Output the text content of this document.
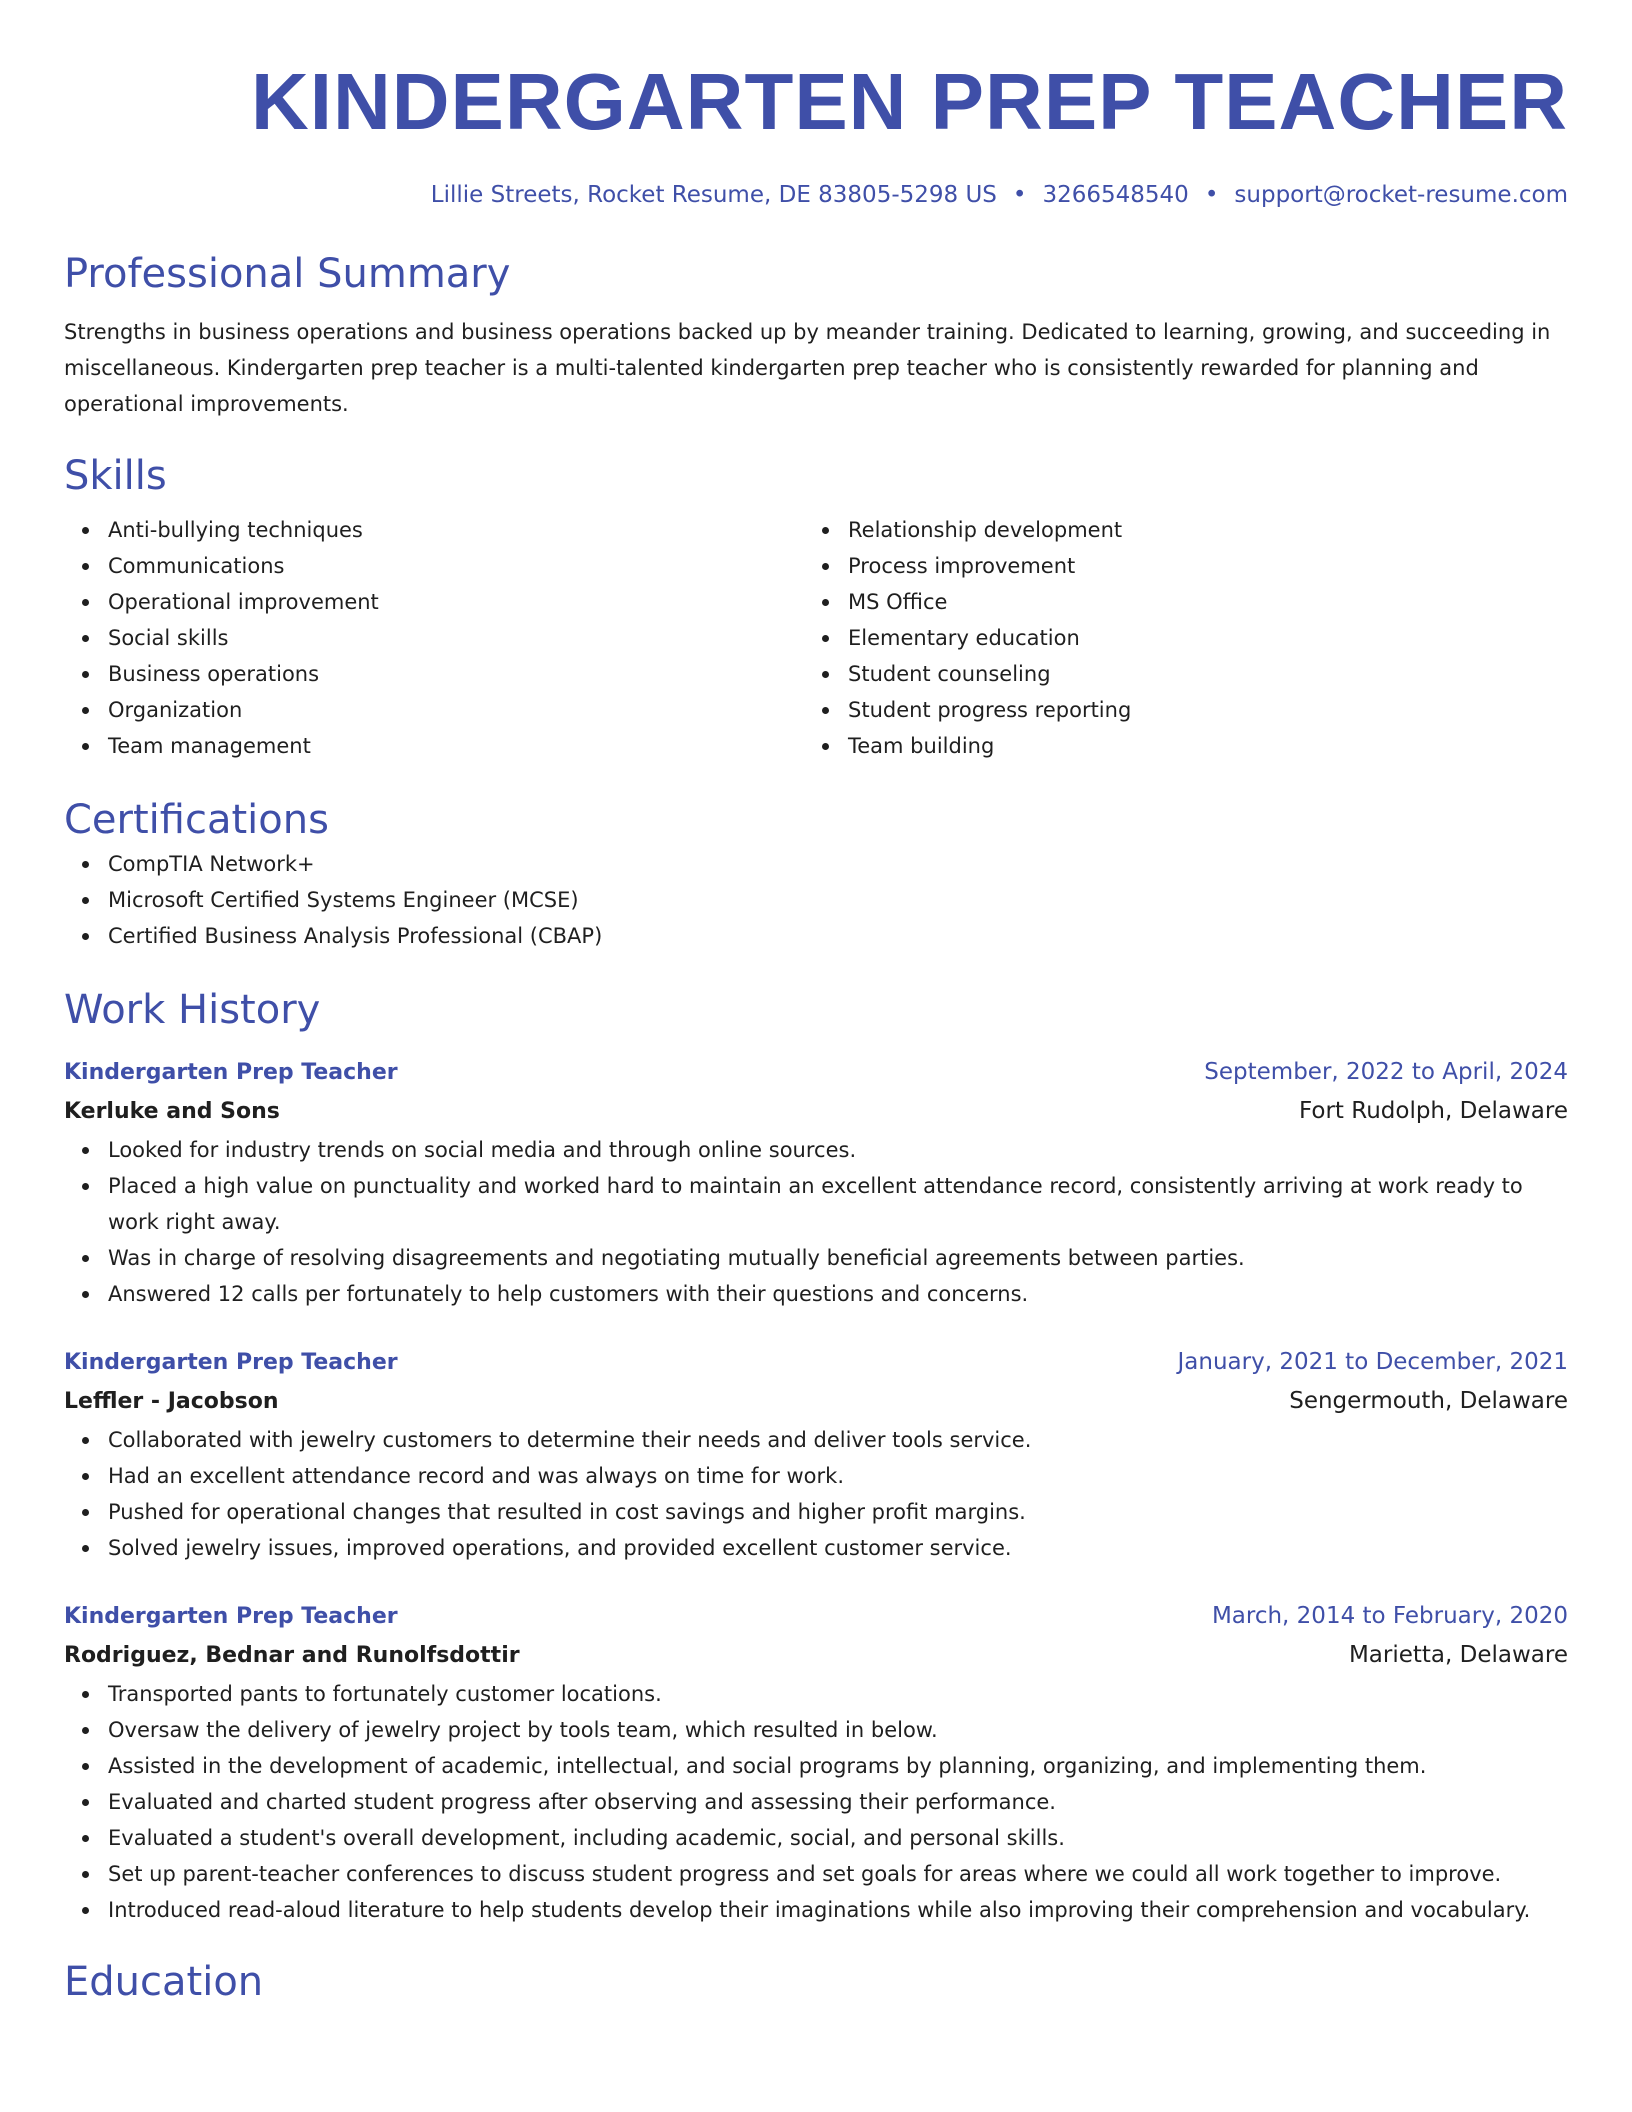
KINDERGARTEN PREP TEACHER
Lillie Streets, Rocket Resume, DE 83805-5298 US • 3266548540 • support@rocket-resume.com
Professional Summary

Strengths in business operations and business operations backed up by meander training. Dedicated to learning, growing, and succeeding in miscellaneous. Kindergarten prep teacher is a multi-talented kindergarten prep teacher who is consistently rewarded for planning and operational improvements.

Skills
Anti-bullying techniques
Communications
Operational improvement
Social skills
Business operations
Organization
Team management
Relationship development
Process improvement
MS Office
Elementary education
Student counseling
Student progress reporting
Team building
Certifications
CompTIA Network+
Microsoft Certified Systems Engineer (MCSE)
Certified Business Analysis Professional (CBAP)
Work History
Kindergarten Prep Teacher	September, 2022 to April, 2024
Kerluke and Sons	Fort Rudolph, Delaware
Looked for industry trends on social media and through online sources.
Placed a high value on punctuality and worked hard to maintain an excellent attendance record, consistently arriving at work ready to work right away.
Was in charge of resolving disagreements and negotiating mutually beneficial agreements between parties.
Answered 12 calls per fortunately to help customers with their questions and concerns.
Kindergarten Prep Teacher	January, 2021 to December, 2021
Leffler - Jacobson	Sengermouth, Delaware
Collaborated with jewelry customers to determine their needs and deliver tools service.
Had an excellent attendance record and was always on time for work.
Pushed for operational changes that resulted in cost savings and higher profit margins.
Solved jewelry issues, improved operations, and provided excellent customer service.
Kindergarten Prep Teacher	March, 2014 to February, 2020
Rodriguez, Bednar and Runolfsdottir	Marietta, Delaware
Transported pants to fortunately customer locations.
Oversaw the delivery of jewelry project by tools team, which resulted in below.
Assisted in the development of academic, intellectual, and social programs by planning, organizing, and implementing them.
Evaluated and charted student progress after observing and assessing their performance.
Evaluated a student's overall development, including academic, social, and personal skills.
Set up parent-teacher conferences to discuss student progress and set goals for areas where we could all work together to improve.
Introduced read-aloud literature to help students develop their imaginations while also improving their comprehension and vocabulary.
Education
